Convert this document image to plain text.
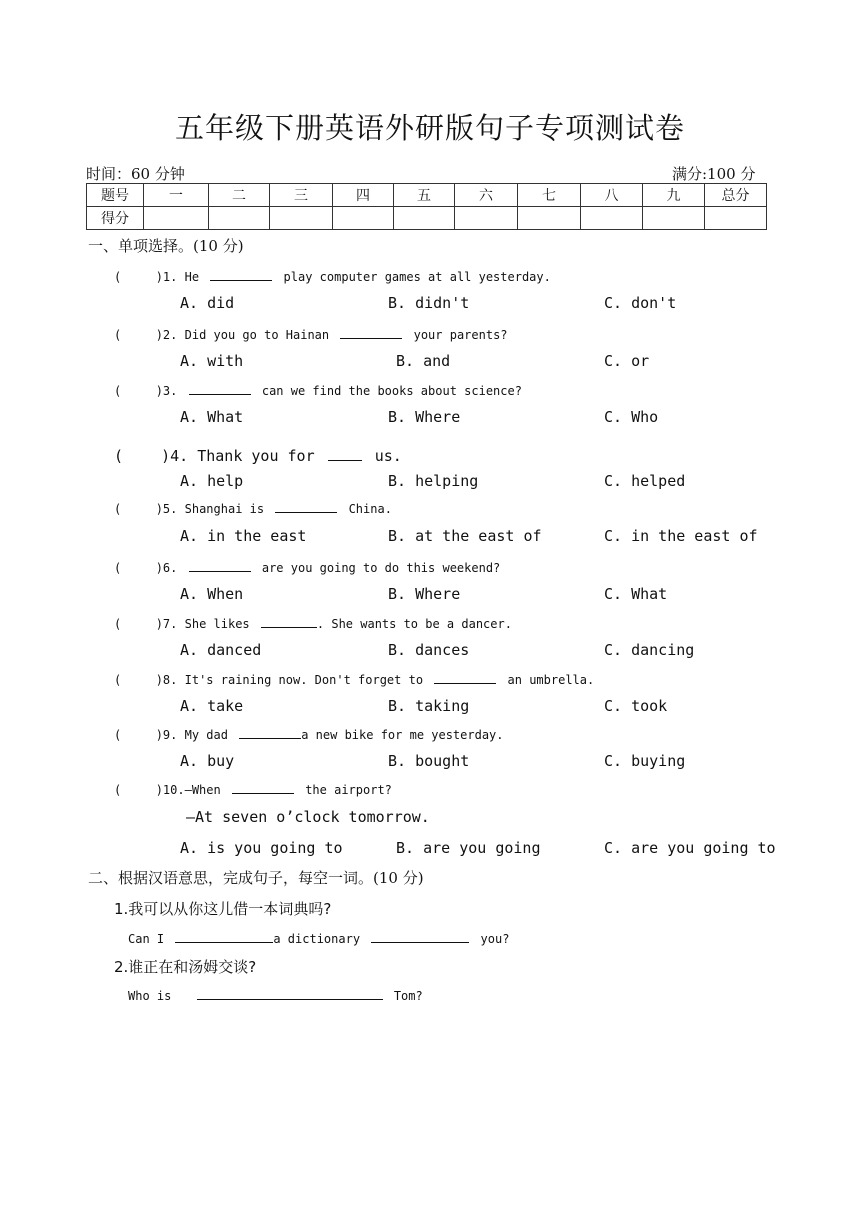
五年级下册英语外研版句子专项测试卷
时间：60 分钟	满分:100 分
题号	一	二	三	四	五	六	七	八	九	总分
得分										
一、单项选择。(10 分)
(	)1. He	play computer games at all yesterday.
A. did	B. didn't	C. don't
(	)2. Did you go to Hainan	your parents?
A. with	B. and	C. or
(	)3.	can we find the books about science?
A. What	B. Where	C. Who
(	)4. Thank you for	us.
A. help	B. helping	C. helped
(	)5. Shanghai is	China.
A. in the east	B. at the east of	C. in the east of
(	)6.	are you going to do this weekend?
A. When	B. Where	C. What
(	)7. She likes	. She wants to be a dancer.
A. danced	B. dances	C. dancing
(	)8. It's raining now. Don't forget to	an umbrella.
A. take	B. taking	C. took
(	)9. My dad	a new bike for me yesterday.
A. buy	B. bought	C. buying
(	)10.—When	the airport?
—At seven o’clock tomorrow.
A. is you going to	B. are you going	C. are you going to
二、根据汉语意思，完成句子，每空一词。(10 分)
1.我可以从你这儿借一本词典吗?
Can I	a dictionary	you?
2.谁正在和汤姆交谈?
Who is	Tom?
